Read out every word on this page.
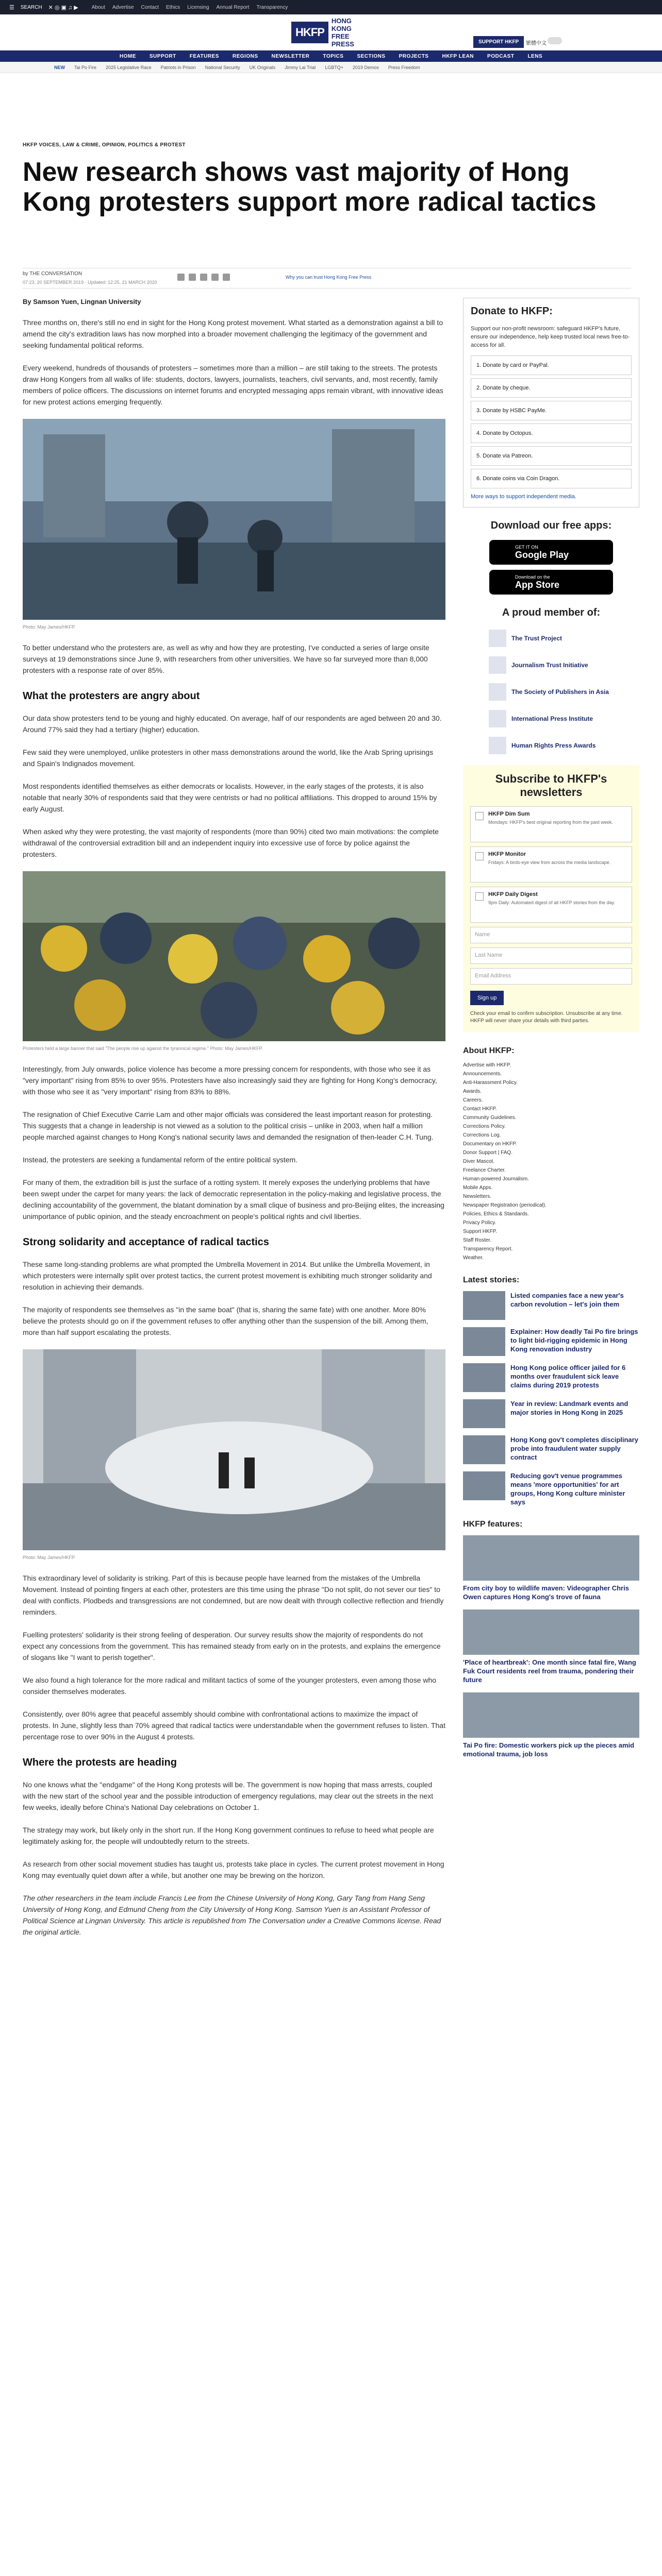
☰ SEARCH ✕ ◎ ▣ ♫ ▶	About Advertise Contact Ethics Licensing Annual Report Transparency
HKFP
HONG KONG
FREE PRESS	SUPPORT HKFP	繁體中文
HOME	SUPPORT	FEATURES	REGIONS	NEWSLETTER	TOPICS	SECTIONS	PROJECTS	HKFP LEAN	PODCAST	LENS
NEW Tai Po Fire 2025 Legislative Race Patriots in Prison National Security UK Originals Jimmy Lai Trial LGBTQ+ 2019 Demos Press Freedom
HKFP VOICES, LAW & CRIME, OPINION, POLITICS & PROTEST
New research shows vast majority of Hong Kong protesters support more radical tactics
by THE CONVERSATION
07:23, 20 SEPTEMBER 2019 · Updated: 12:25, 21 MARCH 2020
Why you can trust Hong Kong Free Press
By Samson Yuen, Lingnan University

Three months on, there's still no end in sight for the Hong Kong protest movement. What started as a demonstration against a bill to amend the city's extradition laws has now morphed into a broader movement challenging the legitimacy of the government and seeking fundamental political reforms.

Every weekend, hundreds of thousands of protesters – sometimes more than a million – are still taking to the streets. The protests draw Hong Kongers from all walks of life: students, doctors, lawyers, journalists, teachers, civil servants, and, most recently, family members of police officers. The discussions on internet forums and encrypted messaging apps remain vibrant, with innovative ideas for new protest actions emerging frequently.

Photo: May James/HKFP.

To better understand who the protesters are, as well as why and how they are protesting, I've conducted a series of large onsite surveys at 19 demonstrations since June 9, with researchers from other universities. We have so far surveyed more than 8,000 protesters with a response rate of over 85%.

What the protesters are angry about

Our data show protesters tend to be young and highly educated. On average, half of our respondents are aged between 20 and 30. Around 77% said they had a tertiary (higher) education.

Few said they were unemployed, unlike protesters in other mass demonstrations around the world, like the Arab Spring uprisings and Spain's Indignados movement.

Most respondents identified themselves as either democrats or localists. However, in the early stages of the protests, it is also notable that nearly 30% of respondents said that they were centrists or had no political affiliations. This dropped to around 15% by early August.

When asked why they were protesting, the vast majority of respondents (more than 90%) cited two main motivations: the complete withdrawal of the controversial extradition bill and an independent inquiry into excessive use of force by police against the protesters.

Protesters held a large banner that said "The people rise up against the tyrannical regime." Photo: May James/HKFP.

Interestingly, from July onwards, police violence has become a more pressing concern for respondents, with those who see it as "very important" rising from 85% to over 95%. Protesters have also increasingly said they are fighting for Hong Kong's democracy, with those who see it as "very important" rising from 83% to 88%.

The resignation of Chief Executive Carrie Lam and other major officials was considered the least important reason for protesting. This suggests that a change in leadership is not viewed as a solution to the political crisis – unlike in 2003, when half a million people marched against changes to Hong Kong's national security laws and demanded the resignation of then-leader C.H. Tung.

Instead, the protesters are seeking a fundamental reform of the entire political system.

For many of them, the extradition bill is just the surface of a rotting system. It merely exposes the underlying problems that have been swept under the carpet for many years: the lack of democratic representation in the policy-making and legislative process, the declining accountability of the government, the blatant domination by a small clique of business and pro-Beijing elites, the increasing unimportance of public opinion, and the steady encroachment on people's political rights and civil liberties.

Strong solidarity and acceptance of radical tactics

These same long-standing problems are what prompted the Umbrella Movement in 2014. But unlike the Umbrella Movement, in which protesters were internally split over protest tactics, the current protest movement is exhibiting much stronger solidarity and resolution in achieving their demands.

The majority of respondents see themselves as "in the same boat" (that is, sharing the same fate) with one another. More 80% believe the protests should go on if the government refuses to offer anything other than the suspension of the bill. Among them, more than half support escalating the protests.

Photo: May James/HKFP.

This extraordinary level of solidarity is striking. Part of this is because people have learned from the mistakes of the Umbrella Movement. Instead of pointing fingers at each other, protesters are this time using the phrase "Do not split, do not sever our ties" to deal with conflicts. Plodbeds and transgressions are not condemned, but are now dealt with through collective reflection and friendly reminders.

Fuelling protesters' solidarity is their strong feeling of desperation. Our survey results show the majority of respondents do not expect any concessions from the government. This has remained steady from early on in the protests, and explains the emergence of slogans like "I want to perish together".

We also found a high tolerance for the more radical and militant tactics of some of the younger protesters, even among those who consider themselves moderates.

Consistently, over 80% agree that peaceful assembly should combine with confrontational actions to maximize the impact of protests. In June, slightly less than 70% agreed that radical tactics were understandable when the government refuses to listen. That percentage rose to over 90% in the August 4 protests.

Where the protests are heading

No one knows what the "endgame" of the Hong Kong protests will be. The government is now hoping that mass arrests, coupled with the new start of the school year and the possible introduction of emergency regulations, may clear out the streets in the next few weeks, ideally before China's National Day celebrations on October 1.

The strategy may work, but likely only in the short run. If the Hong Kong government continues to refuse to heed what people are legitimately asking for, the people will undoubtedly return to the streets.

As research from other social movement studies has taught us, protests take place in cycles. The current protest movement in Hong Kong may eventually quiet down after a while, but another one may be brewing on the horizon.

The other researchers in the team include Francis Lee from the Chinese University of Hong Kong, Gary Tang from Hang Seng University of Hong Kong, and Edmund Cheng from the City University of Hong Kong. Samson Yuen is an Assistant Professor of Political Science at Lingnan University. This article is republished from The Conversation under a Creative Commons license. Read the original article.

Donate to HKFP:
Support our non-profit newsroom: safeguard HKFP's future, ensure our independence, help keep trusted local news free-to-access for all.
1. Donate by card or PayPal.
2. Donate by cheque.
3. Donate by HSBC PayMe.
4. Donate by Octopus.
5. Donate via Patreon.
6. Donate coins via Coin Dragon.
More ways to support independent media.
Download our free apps:
GET IT ON
Google Play
Download on the
App Store
A proud member of:
The Trust Project
Journalism Trust Initiative
The Society of Publishers in Asia
International Press Institute
Human Rights Press Awards
Subscribe to HKFP's newsletters
HKFP Dim Sum
Mondays: HKFP's best original reporting from the past week.
HKFP Monitor
Fridays: A birds-eye view from across the media landscape.
HKFP Daily Digest
9pm Daily: Automated digest of all HKFP stories from the day.
Name
Last Name
Email Address
Sign up
Check your email to confirm subscription. Unsubscribe at any time. HKFP will never share your details with third parties.
About HKFP:
Advertise with HKFP.
Announcements.
Anti-Harassment Policy.
Awards.
Careers.
Contact HKFP.
Community Guidelines.
Corrections Policy.
Corrections Log.
Documentary on HKFP.
Donor Support | FAQ.
Diver Mascot.
Freelance Charter.
Human-powered Journalism.
Mobile Apps.
Newsletters.
Newspaper Registration (periodical).
Policies, Ethics & Standards.
Privacy Policy.
Support HKFP.
Staff Roster.
Transparency Report.
Weather.
Latest stories:
Listed companies face a new year's carbon revolution – let's join them
Explainer: How deadly Tai Po fire brings to light bid-rigging epidemic in Hong Kong renovation industry
Hong Kong police officer jailed for 6 months over fraudulent sick leave claims during 2019 protests
Year in review: Landmark events and major stories in Hong Kong in 2025
Hong Kong gov't completes disciplinary probe into fraudulent water supply contract
Reducing gov't venue programmes means 'more opportunities' for art groups, Hong Kong culture minister says
HKFP features:
From city boy to wildlife maven: Videographer Chris Owen captures Hong Kong's trove of fauna
'Place of heartbreak': One month since fatal fire, Wang Fuk Court residents reel from trauma, pondering their future
Tai Po fire: Domestic workers pick up the pieces amid emotional trauma, job loss
